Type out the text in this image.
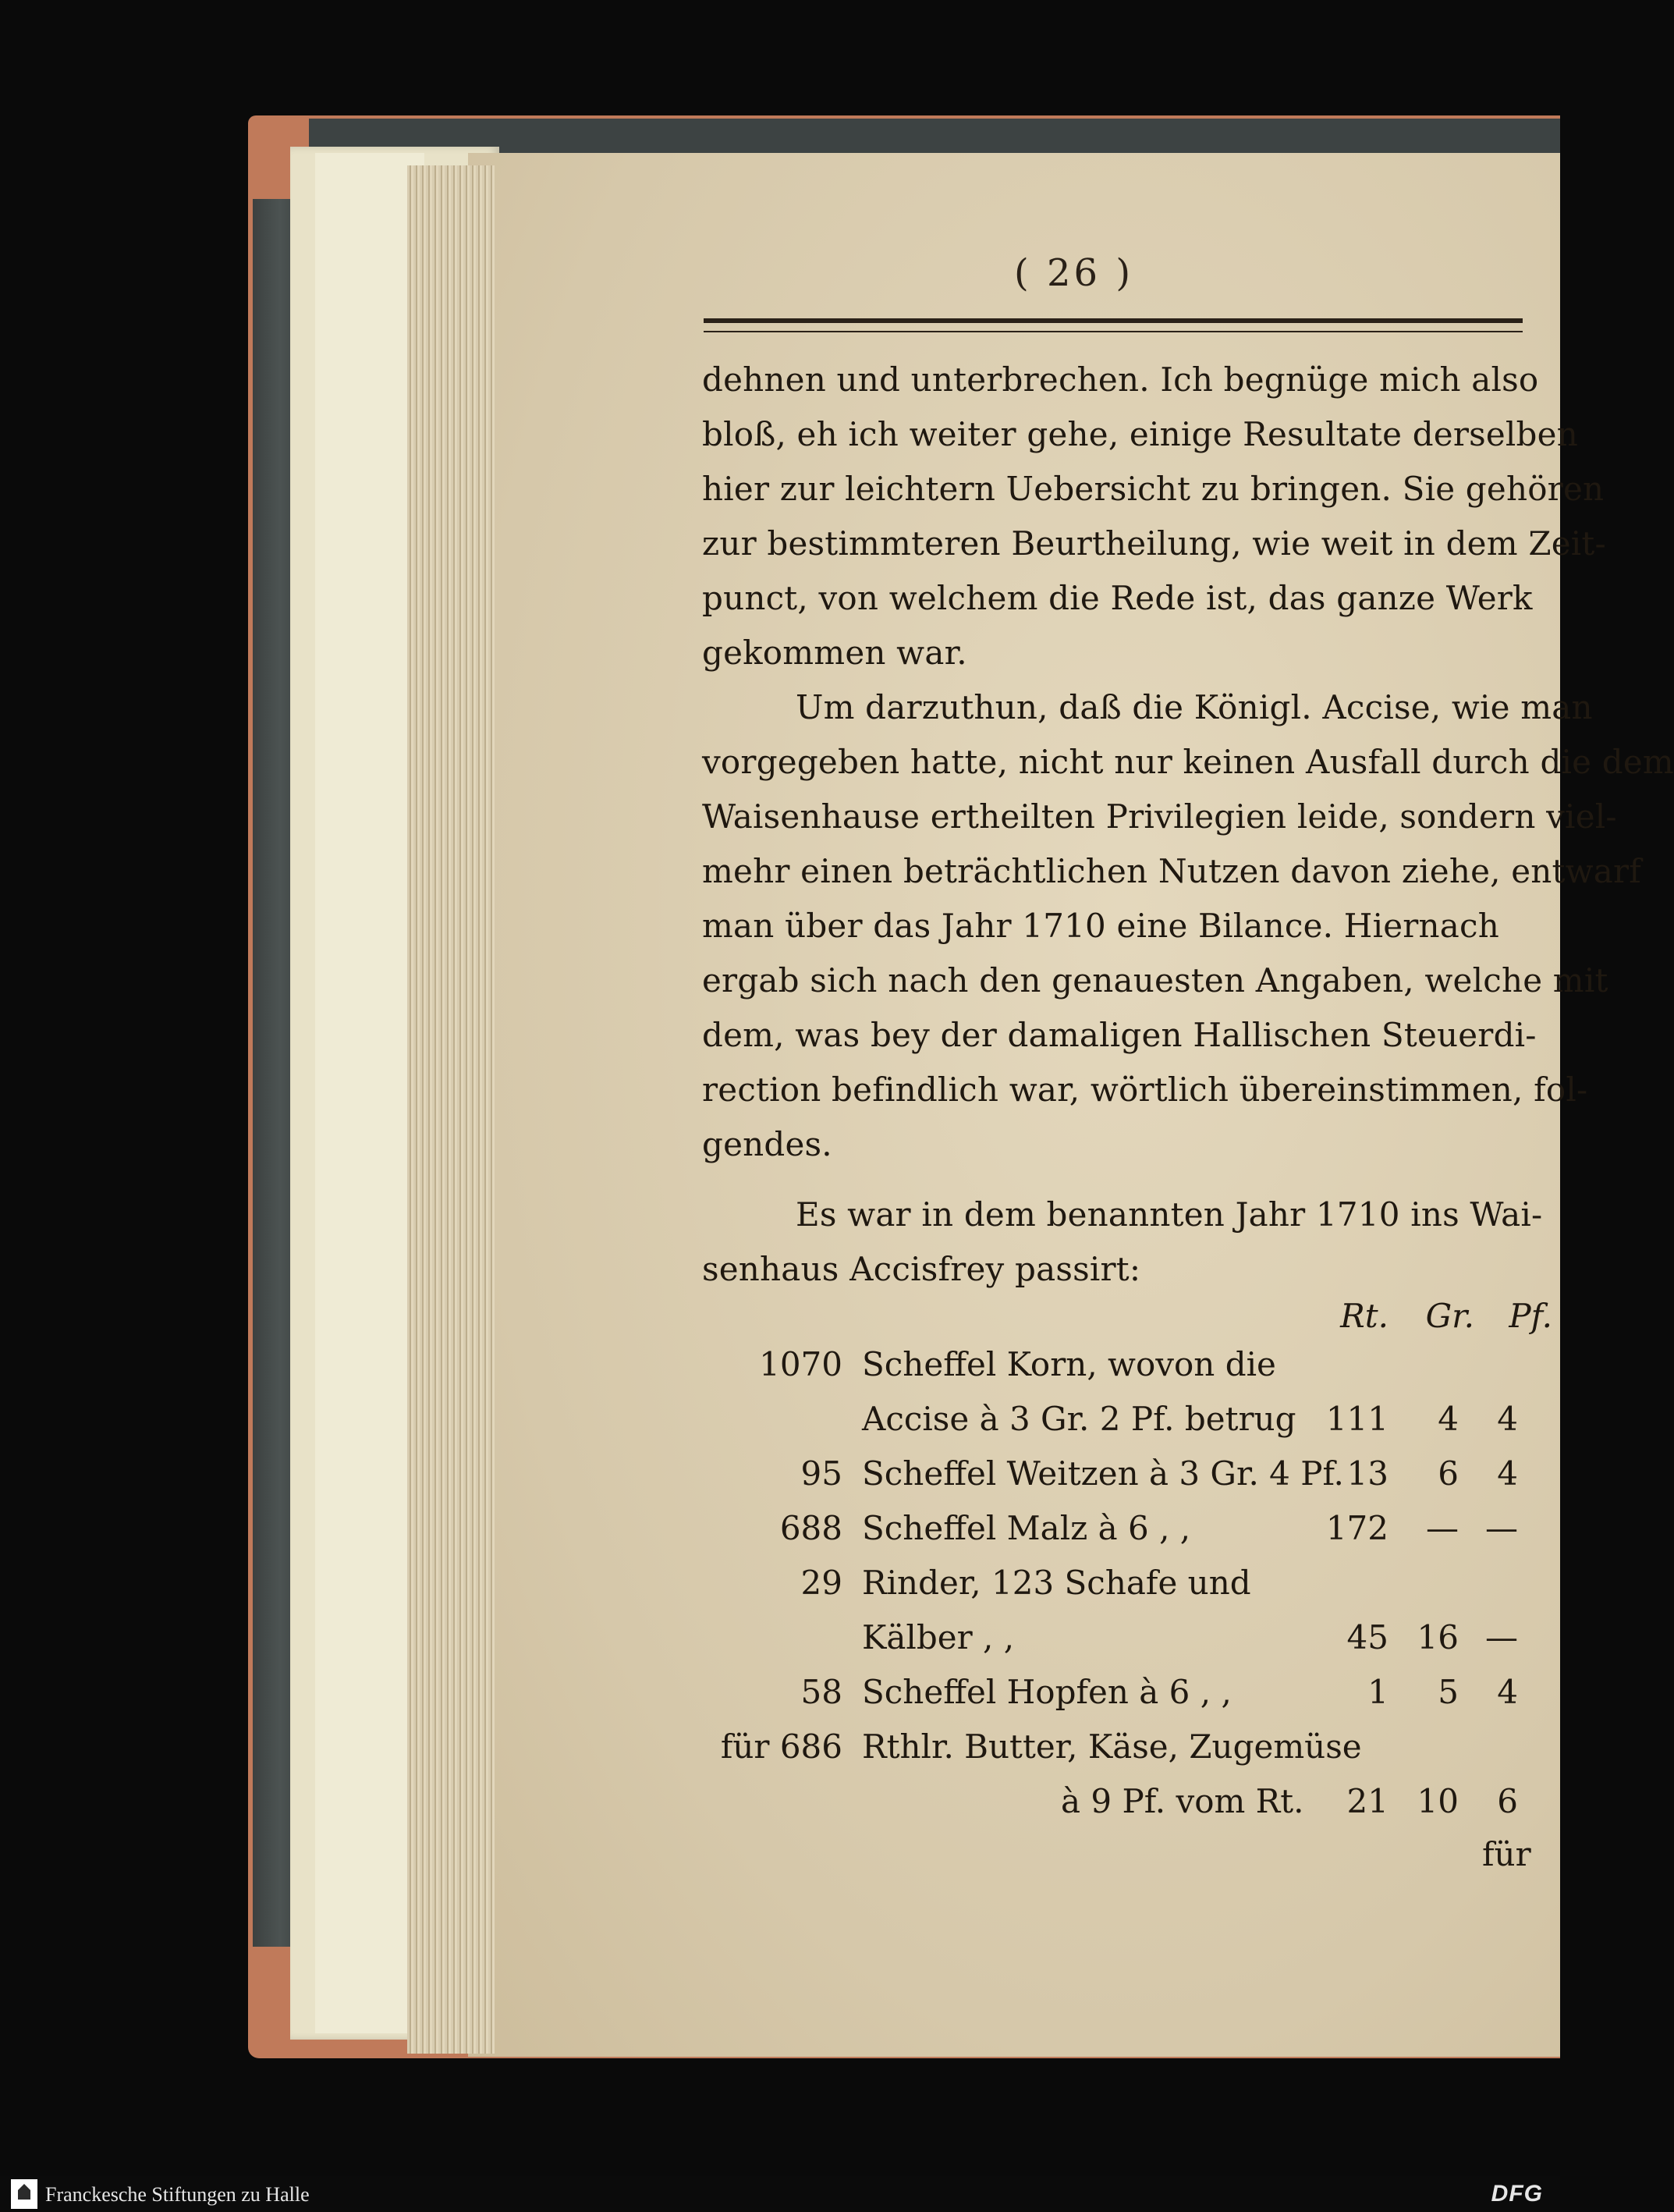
( 26 )
dehnen und unterbrechen. Ich begnüge mich also
bloß, eh ich weiter gehe, einige Resultate derselben
hier zur leichtern Uebersicht zu bringen. Sie gehören
zur bestimmteren Beurtheilung, wie weit in dem Zeit-
punct, von welchem die Rede ist, das ganze Werk
gekommen war.
Um darzuthun, daß die Königl. Accise, wie man
vorgegeben hatte, nicht nur keinen Ausfall durch die dem
Waisenhause ertheilten Privilegien leide, sondern viel-
mehr einen beträchtlichen Nutzen davon ziehe, entwarf
man über das Jahr 1710 eine Bilance. Hiernach
ergab sich nach den genauesten Angaben, welche mit
dem, was bey der damaligen Hallischen Steuerdi-
rection befindlich war, wörtlich übereinstimmen, fol-
gendes.
Es war in dem benannten Jahr 1710 ins Wai-
senhaus Accisfrey passirt:
Rt. Gr.	Pf.
1070 Scheffel Korn, wovon die
Accise à 3 Gr. 2 Pf. betrug 111	4	4
95 Scheffel Weitzen à 3 Gr. 4 Pf. 13	6	4
688 Scheffel Malz à 6 , ,	172	— —
29 Rinder, 123 Schafe und
Kälber , ,	45 16 —
58 Scheffel Hopfen à 6 , ,	1	5	4
für 686 Rthlr. Butter, Käse, Zugemüse
à 9 Pf. vom Rt.	21 10	6
für
Franckesche Stiftungen zu Halle	DFG
